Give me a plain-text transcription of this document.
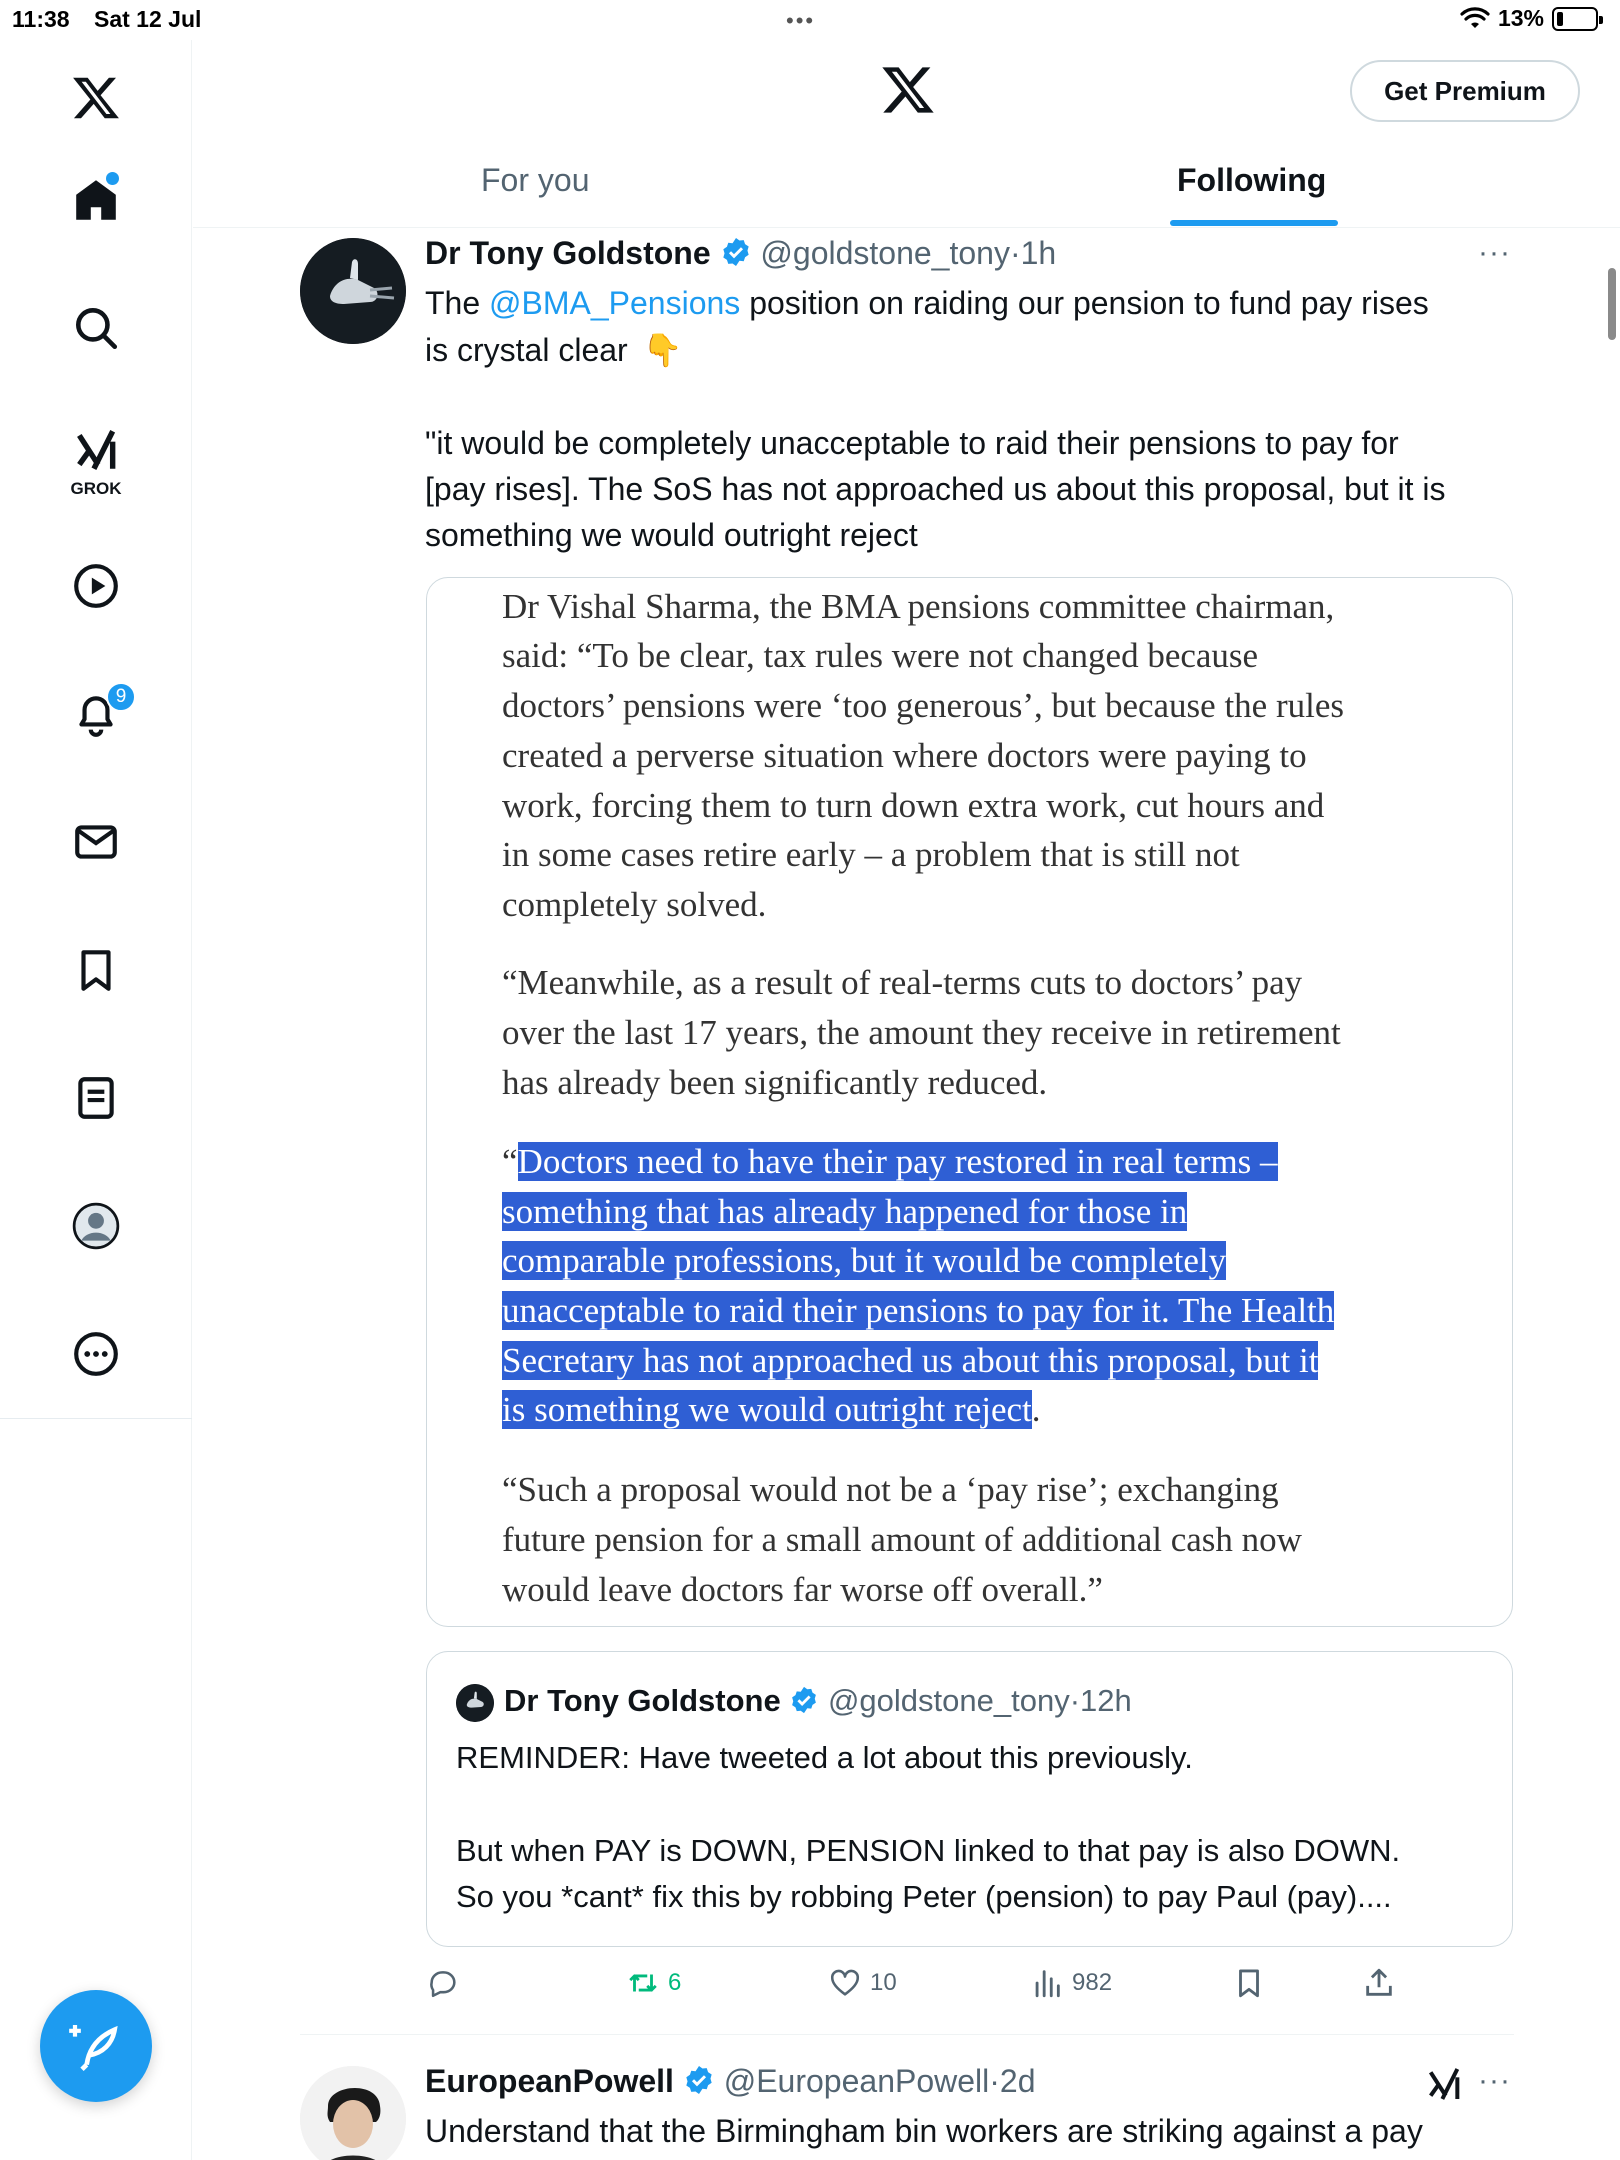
11:38 Sat 12 Jul	•••	13%
GROK
9
Get Premium
For you	Following
Dr Tony Goldstone @goldstone_tony·1h	···
The @BMA_Pensions position on raiding our pension to fund pay rises
is crystal clear 👇
"it would be completely unacceptable to raid their pensions to pay for
[pay rises]. The SoS has not approached us about this proposal, but it is
something we would outright reject
Dr Vishal Sharma, the BMA pensions committee chairman,
said: “To be clear, tax rules were not changed because
doctors’ pensions were ‘too generous’, but because the rules
created a perverse situation where doctors were paying to
work, forcing them to turn down extra work, cut hours and
in some cases retire early – a problem that is still not
completely solved.
“Meanwhile, as a result of real-terms cuts to doctors’ pay
over the last 17 years, the amount they receive in retirement
has already been significantly reduced.
“Doctors need to have their pay restored in real terms –
something that has already happened for those in
comparable professions, but it would be completely
unacceptable to raid their pensions to pay for it. The Health
Secretary has not approached us about this proposal, but it
is something we would outright reject.
“Such a proposal would not be a ‘pay rise’; exchanging
future pension for a small amount of additional cash now
would leave doctors far worse off overall.”
Dr Tony Goldstone @goldstone_tony·12h
REMINDER: Have tweeted a lot about this previously.
But when PAY is DOWN, PENSION linked to that pay is also DOWN.
So you *cant* fix this by robbing Peter (pension) to pay Paul (pay)....
6	10	982
EuropeanPowell @EuropeanPowell·2d	···
Understand that the Birmingham bin workers are striking against a pay
